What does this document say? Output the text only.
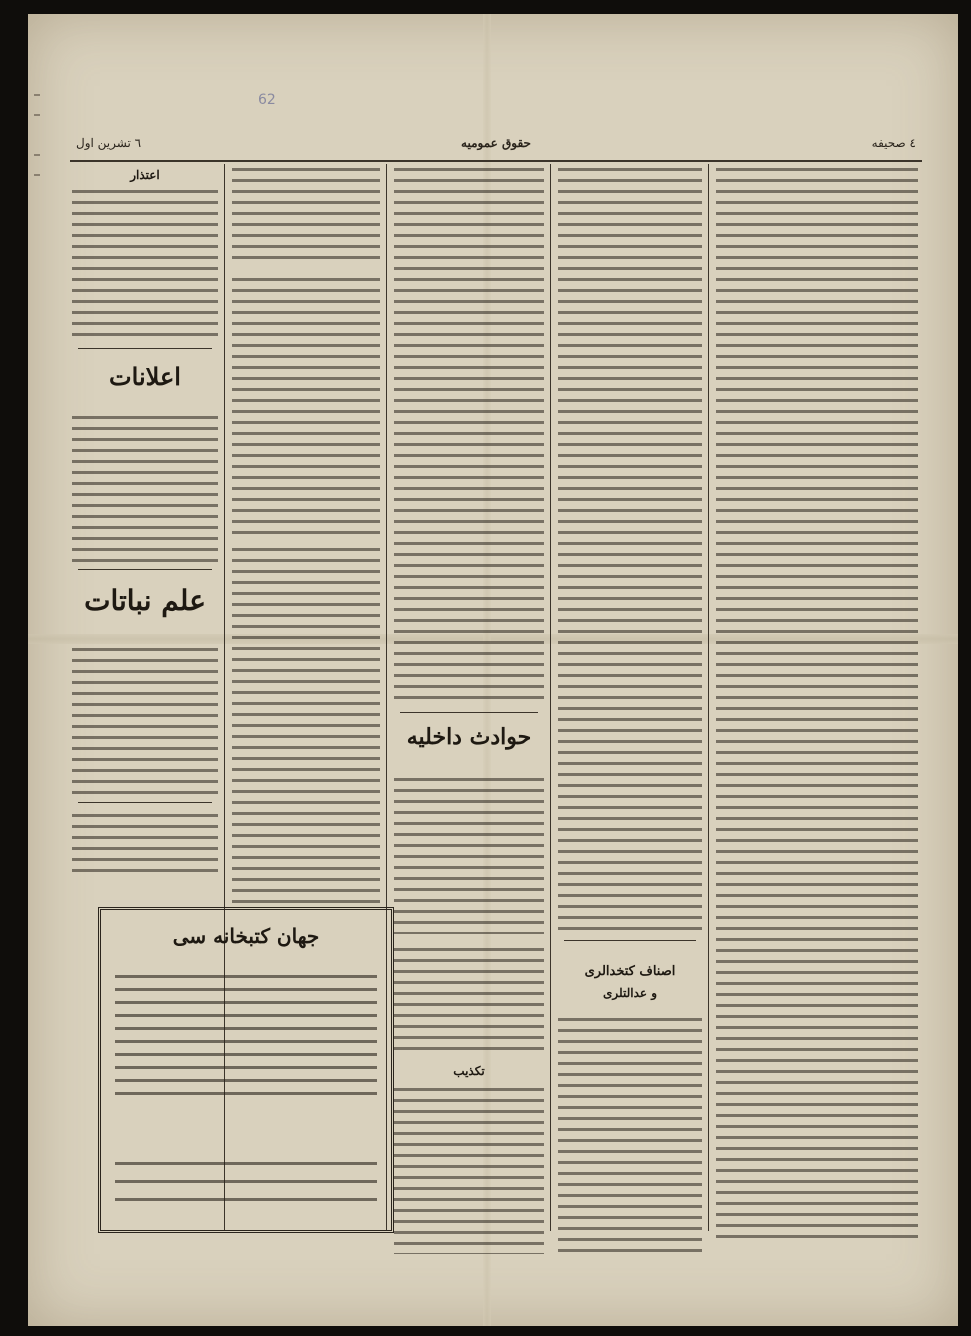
62
٤ صحيفه
حقوق عمومیه
٦ تشرين اول
اصناف كتخدالری
و عدالتلری
حوادث داخلیه
تكذیب
اعتذار
اعلانات
علم نباتات
جهان كتبخانه سی
